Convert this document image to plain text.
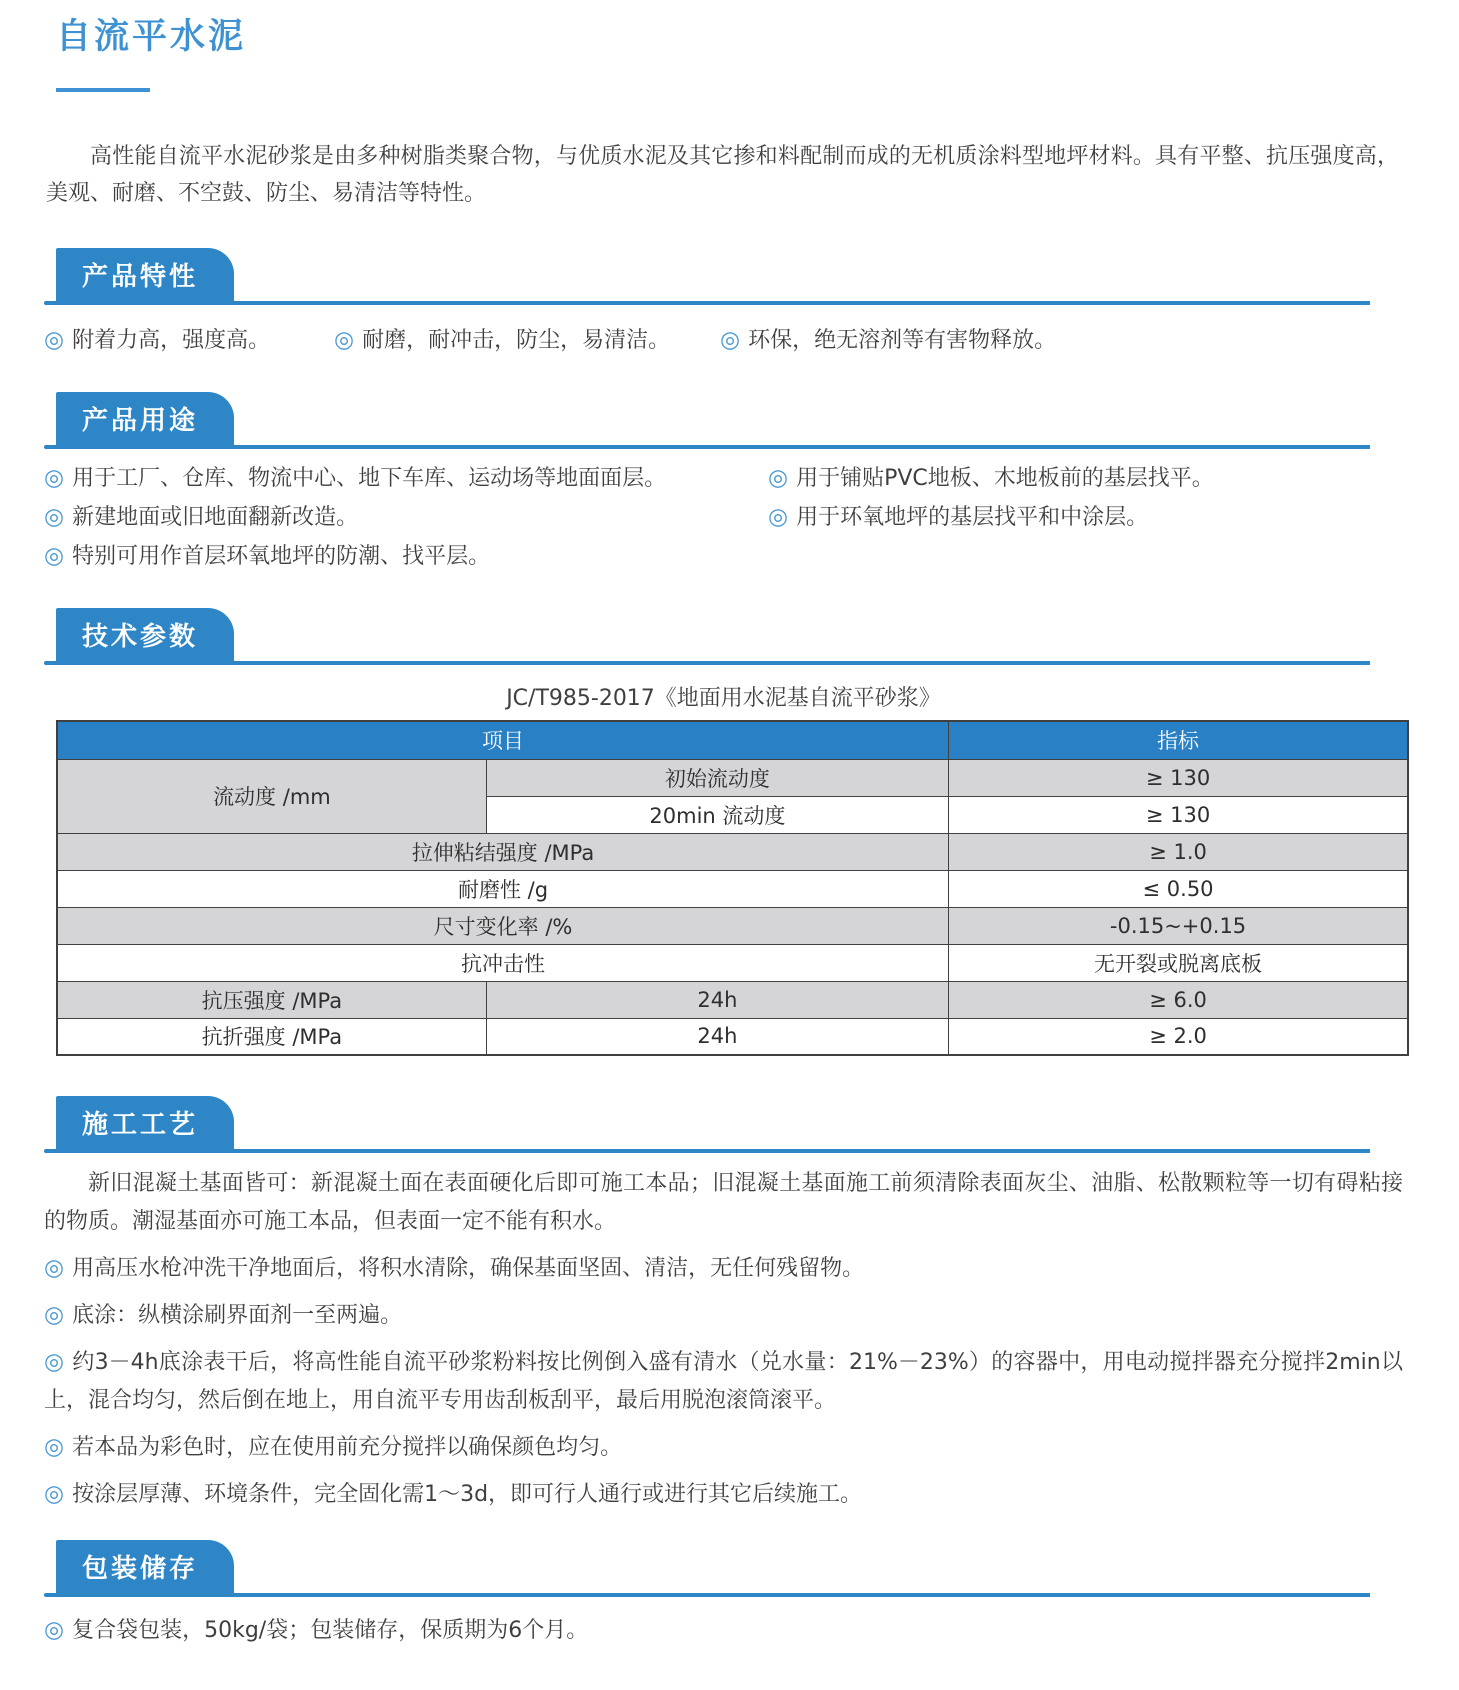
自流平水泥

高性能自流平水泥砂浆是由多种树脂类聚合物，与优质水泥及其它掺和料配制而成的无机质涂料型地坪材料。具有平整、抗压强度高，美观、耐磨、不空鼓、防尘、易清洁等特性。

产品特性
◎ 附着力高，强度高。	◎ 耐磨，耐冲击，防尘，易清洁。	◎ 环保，绝无溶剂等有害物释放。
产品用途
◎ 用于工厂、仓库、物流中心、地下车库、运动场等地面面层。
◎ 新建地面或旧地面翻新改造。
◎ 特别可用作首层环氧地坪的防潮、找平层。
◎ 用于铺贴PVC地板、木地板前的基层找平。
◎ 用于环氧地坪的基层找平和中涂层。
技术参数
JC/T985-2017《地面用水泥基自流平砂浆》
项目		指标
流动度 /mm	初始流动度	≥ 130
	20min 流动度	≥ 130
拉伸粘结强度 /MPa		≥ 1.0
耐磨性 /g		≤ 0.50
尺寸变化率 /%		-0.15~+0.15
抗冲击性		无开裂或脱离底板
抗压强度 /MPa	24h	≥ 6.0
抗折强度 /MPa	24h	≥ 2.0
施工工艺

新旧混凝土基面皆可：新混凝土面在表面硬化后即可施工本品；旧混凝土基面施工前须清除表面灰尘、油脂、松散颗粒等一切有碍粘接的物质。潮湿基面亦可施工本品，但表面一定不能有积水。

◎ 用高压水枪冲洗干净地面后，将积水清除，确保基面坚固、清洁，无任何残留物。
◎ 底涂：纵横涂刷界面剂一至两遍。
◎ 约3－4h底涂表干后，将高性能自流平砂浆粉料按比例倒入盛有清水（兑水量：21%－23%）的容器中，用电动搅拌器充分搅拌2min以上，混合均匀，然后倒在地上，用自流平专用齿刮板刮平，最后用脱泡滚筒滚平。
◎ 若本品为彩色时，应在使用前充分搅拌以确保颜色均匀。
◎ 按涂层厚薄、环境条件，完全固化需1～3d，即可行人通行或进行其它后续施工。
包装储存
◎ 复合袋包装，50kg/袋；包装储存，保质期为6个月。
